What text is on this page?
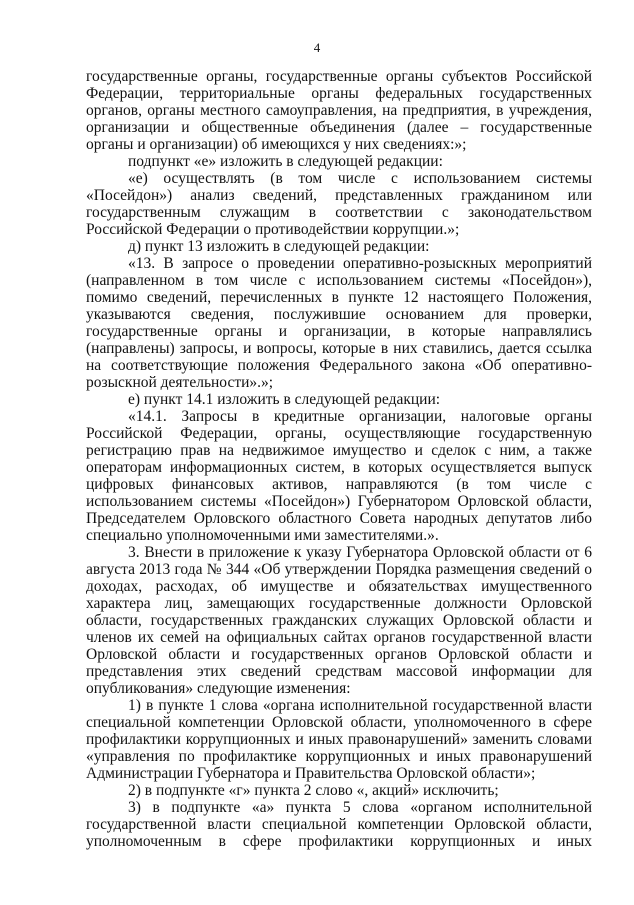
4

государственные органы, государственные органы субъектов Российской Федерации, территориальные органы федеральных государственных органов, органы местного самоуправления, на предприятия, в учреждения, организации и общественные объединения (далее – государственные органы и организации) об имеющихся у них сведениях:»;

подпункт «е» изложить в следующей редакции:

«е) осуществлять (в том числе с использованием системы «Посейдон») анализ сведений, представленных гражданином или государственным служащим в соответствии с законодательством Российской Федерации о противодействии коррупции.»;

д) пункт 13 изложить в следующей редакции:

«13. В запросе о проведении оперативно-розыскных мероприятий (направленном в том числе с использованием системы «Посейдон»), помимо сведений, перечисленных в пункте 12 настоящего Положения, указываются сведения, послужившие основанием для проверки, государственные органы и организации, в которые направлялись (направлены) запросы, и вопросы, которые в них ставились, дается ссылка на соответствующие положения Федерального закона «Об оперативно-розыскной деятельности».»;

е) пункт 14.1 изложить в следующей редакции:

«14.1. Запросы в кредитные организации, налоговые органы Российской Федерации, органы, осуществляющие государственную регистрацию прав на недвижимое имущество и сделок с ним, а также операторам информационных систем, в которых осуществляется выпуск цифровых финансовых активов, направляются (в том числе с использованием системы «Посейдон») Губернатором Орловской области, Председателем Орловского областного Совета народных депутатов либо специально уполномоченными ими заместителями.».

3. Внести в приложение к указу Губернатора Орловской области от 6 августа 2013 года № 344 «Об утверждении Порядка размещения сведений о доходах, расходах, об имуществе и обязательствах имущественного характера лиц, замещающих государственные должности Орловской области, государственных гражданских служащих Орловской области и членов их семей на официальных сайтах органов государственной власти Орловской области и государственных органов Орловской области и представления этих сведений средствам массовой информации для опубликования» следующие изменения:

1) в пункте 1 слова «органа исполнительной государственной власти специальной компетенции Орловской области, уполномоченного в сфере профилактики коррупционных и иных правонарушений» заменить словами «управления по профилактике коррупционных и иных правонарушений Администрации Губернатора и Правительства Орловской области»;

2) в подпункте «г» пункта 2 слово «, акций» исключить;

3) в подпункте «а» пункта 5 слова «органом исполнительной государственной власти специальной компетенции Орловской области, уполномоченным в сфере профилактики коррупционных и иных
